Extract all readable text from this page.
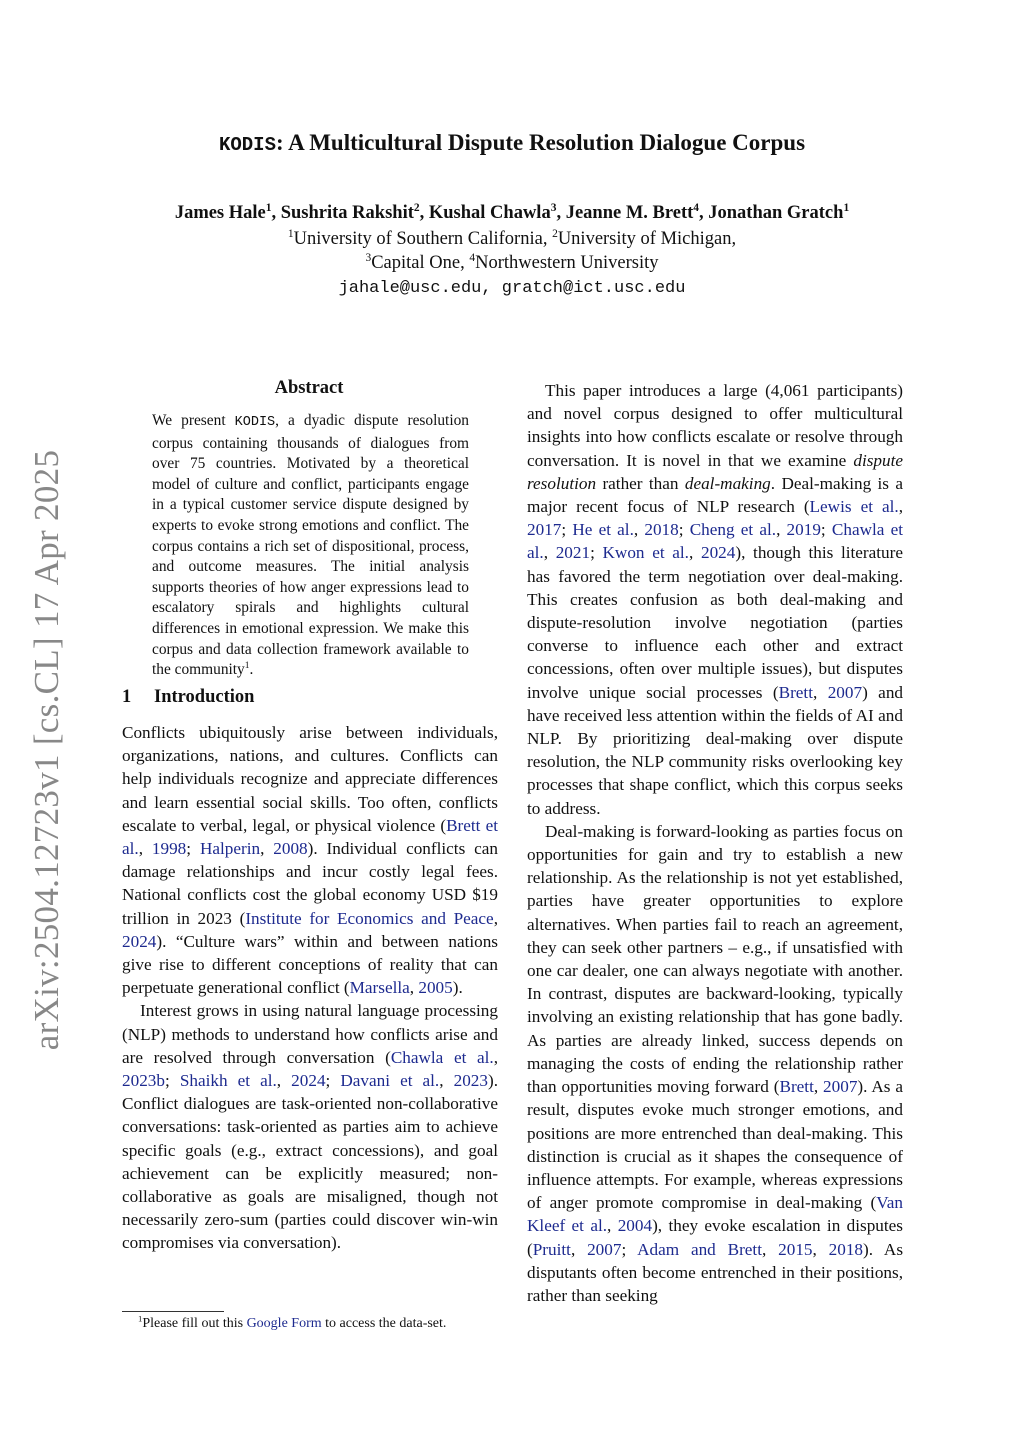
arXiv:2504.12723v1 [cs.CL] 17 Apr 2025
KODIS: A Multicultural Dispute Resolution Dialogue Corpus
James Hale$^1$, Sushrita Rakshit$^2$, Kushal Chawla$^3$, Jeanne M. Brett$^4$, Jonathan Gratch$^1$
$^1$University of Southern California, $^2$University of Michigan,
$^3$Capital One, $^4$Northwestern University
jahale@usc.edu, gratch@ict.usc.edu
Abstract
We present KODIS, a dyadic dispute resolution corpus containing thousands of dialogues from over 75 countries. Motivated by a theoretical model of culture and conflict, participants engage in a typical customer service dispute designed by experts to evoke strong emotions and conflict. The corpus contains a rich set of dispositional, process, and outcome measures. The initial analysis supports theories of how anger expressions lead to escalatory spirals and highlights cultural differences in emotional expression. We make this corpus and data collection framework available to the community$^1$.
1 Introduction

Conflicts ubiquitously arise between individuals, organizations, nations, and cultures. Conflicts can help individuals recognize and appreciate differences and learn essential social skills. Too often, conflicts escalate to verbal, legal, or physical violence (Brett et al., 1998; Halperin, 2008). Individual conflicts can damage relationships and incur costly legal fees. National conflicts cost the global economy USD $19 trillion in 2023 (Institute for Economics and Peace, 2024). “Culture wars” within and between nations give rise to different conceptions of reality that can perpetuate generational conflict (Marsella, 2005).

Interest grows in using natural language processing (NLP) methods to understand how conflicts arise and are resolved through conversation (Chawla et al., 2023b; Shaikh et al., 2024; Davani et al., 2023). Conflict dialogues are task-oriented non-collaborative conversations: task-oriented as parties aim to achieve specific goals (e.g., extract concessions), and goal achievement can be explicitly measured; non-collaborative as goals are misaligned, though not necessarily zero-sum (parties could discover win-win compromises via conversation).

This paper introduces a large (4,061 participants) and novel corpus designed to offer multicultural insights into how conflicts escalate or resolve through conversation. It is novel in that we examine dispute resolution rather than deal-making. Deal-making is a major recent focus of NLP research (Lewis et al., 2017; He et al., 2018; Cheng et al., 2019; Chawla et al., 2021; Kwon et al., 2024), though this literature has favored the term negotiation over deal-making. This creates confusion as both deal-making and dispute-resolution involve negotiation (parties converse to influence each other and extract concessions, often over multiple issues), but disputes involve unique social processes (Brett, 2007) and have received less attention within the fields of AI and NLP. By prioritizing deal-making over dispute resolution, the NLP community risks overlooking key processes that shape conflict, which this corpus seeks to address.

Deal-making is forward-looking as parties focus on opportunities for gain and try to establish a new relationship. As the relationship is not yet established, parties have greater opportunities to explore alternatives. When parties fail to reach an agreement, they can seek other partners – e.g., if unsatisfied with one car dealer, one can always negotiate with another. In contrast, disputes are backward-looking, typically involving an existing relationship that has gone badly. As parties are already linked, success depends on managing the costs of ending the relationship rather than opportunities moving forward (Brett, 2007). As a result, disputes evoke much stronger emotions, and positions are more entrenched than deal-making. This distinction is crucial as it shapes the consequence of influence attempts. For example, whereas expressions of anger promote compromise in deal-making (Van Kleef et al., 2004), they evoke escalation in disputes (Pruitt, 2007; Adam and Brett, 2015, 2018). As disputants often become entrenched in their positions, rather than seeking

$^1$Please fill out this Google Form to access the data-set.
